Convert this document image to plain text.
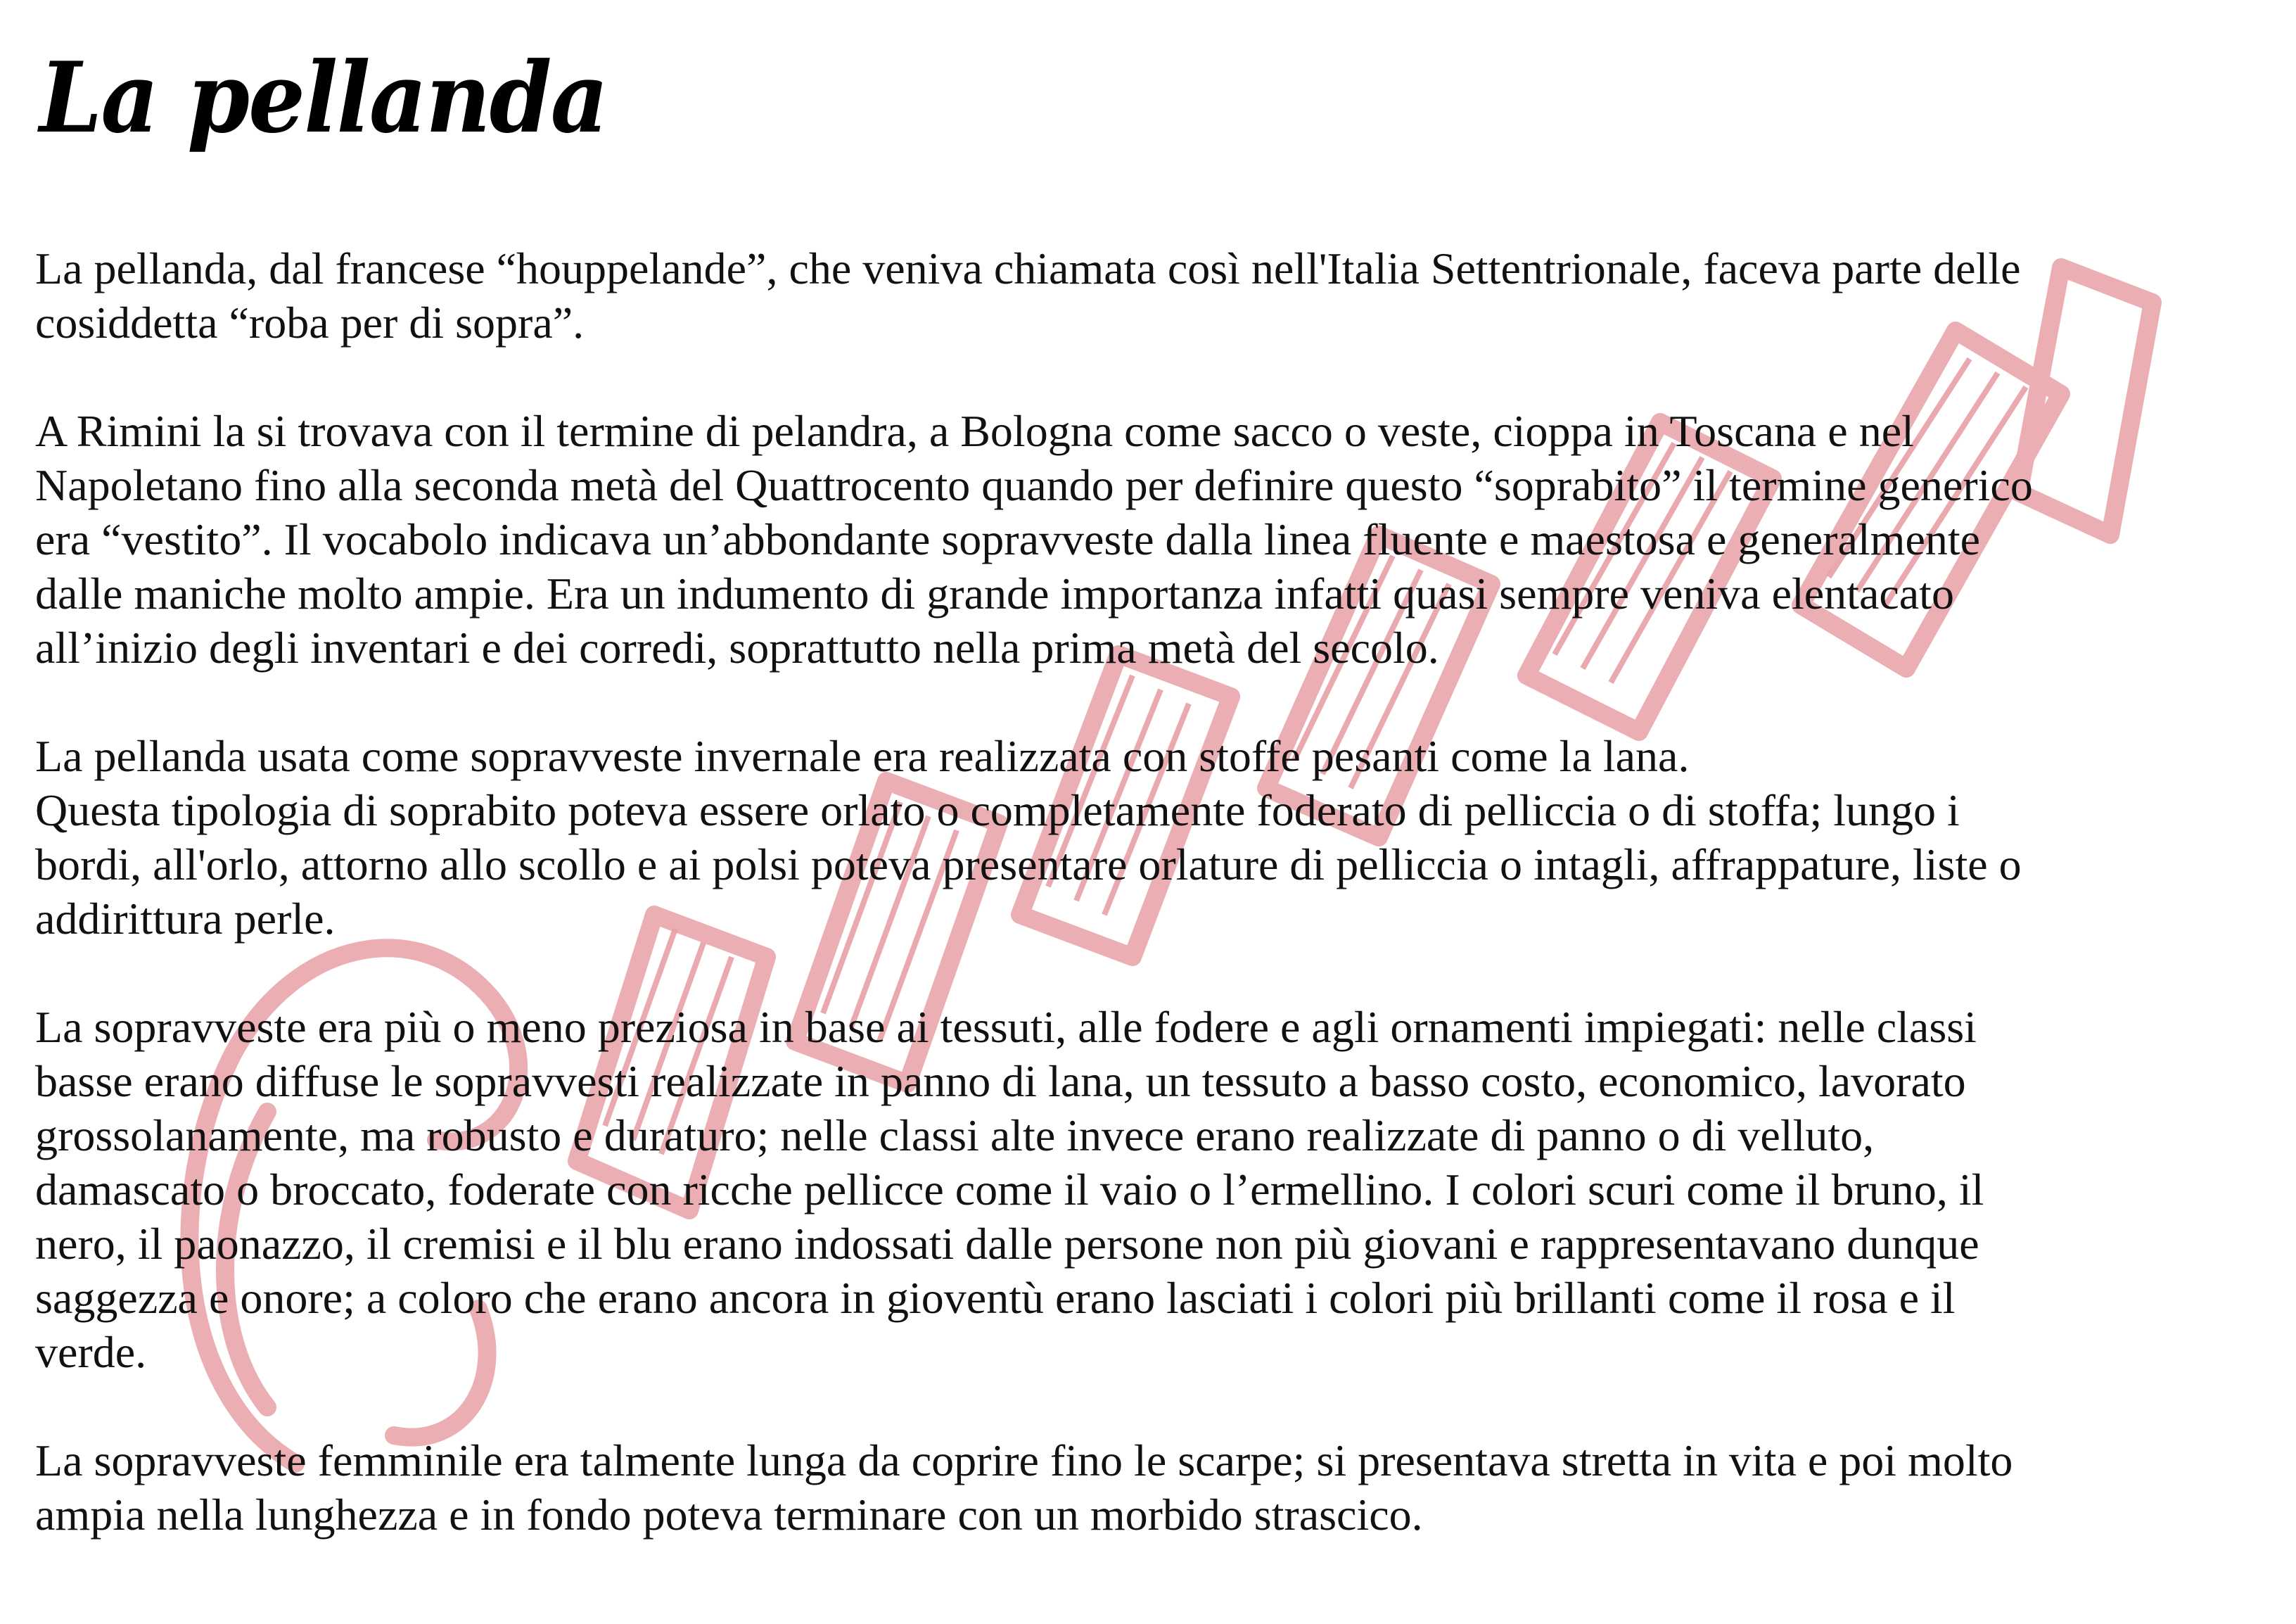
La pellanda

La pellanda, dal francese “houppelande”, che veniva chiamata così nell'Italia Settentrionale, faceva parte delle
cosiddetta “roba per di sopra”.

A Rimini la si trovava con il termine di pelandra, a Bologna come sacco o veste, cioppa in Toscana e nel
Napoletano fino alla seconda metà del Quattrocento quando per definire questo “soprabito” il termine generico
era “vestito”. Il vocabolo indicava un’abbondante sopravveste dalla linea fluente e maestosa e generalmente
dalle maniche molto ampie. Era un indumento di grande importanza infatti quasi sempre veniva elentacato
all’inizio degli inventari e dei corredi, soprattutto nella prima metà del secolo.

La pellanda usata come sopravveste invernale era realizzata con stoffe pesanti come la lana.
Questa tipologia di soprabito poteva essere orlato o completamente foderato di pelliccia o di stoffa; lungo i
bordi, all'orlo, attorno allo scollo e ai polsi poteva presentare orlature di pelliccia o intagli, affrappature, liste o
addirittura perle.

La sopravveste era più o meno preziosa in base ai tessuti, alle fodere e agli ornamenti impiegati: nelle classi
basse erano diffuse le sopravvesti realizzate in panno di lana, un tessuto a basso costo, economico, lavorato
grossolanamente, ma robusto e duraturo; nelle classi alte invece erano realizzate di panno o di velluto,
damascato o broccato, foderate con ricche pellicce come il vaio o l’ermellino. I colori scuri come il bruno, il
nero, il paonazzo, il cremisi e il blu erano indossati dalle persone non più giovani e rappresentavano dunque
saggezza e onore; a coloro che erano ancora in gioventù erano lasciati i colori più brillanti come il rosa e il
verde.

La sopravveste femminile era talmente lunga da coprire fino le scarpe; si presentava stretta in vita e poi molto
ampia nella lunghezza e in fondo poteva terminare con un morbido strascico.
